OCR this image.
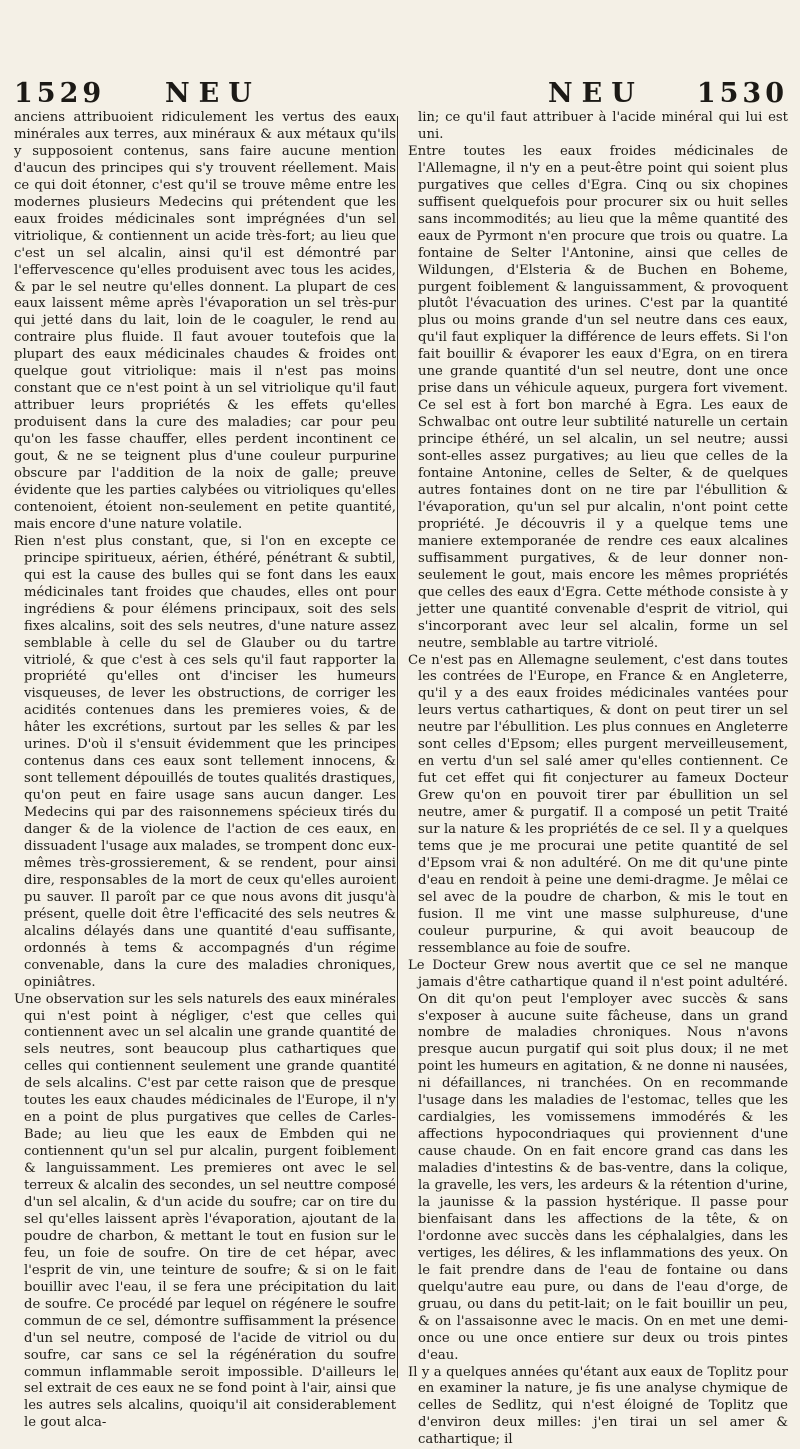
1529 NEU	NEU 1530

anciens attribuoient ridiculement les vertus des eaux minérales aux terres, aux minéraux & aux métaux qu'ils y supposoient contenus, sans faire aucune mention d'aucun des principes qui s'y trouvent réellement. Mais ce qui doit étonner, c'est qu'il se trouve même entre les modernes plusieurs Medecins qui prétendent que les eaux froides médicinales sont imprégnées d'un sel vitriolique, & contiennent un acide très-fort; au lieu que c'est un sel alcalin, ainsi qu'il est démontré par l'effervescence qu'elles produisent avec tous les acides, & par le sel neutre qu'elles donnent. La plupart de ces eaux laissent même après l'évaporation un sel très-pur qui jetté dans du lait, loin de le coaguler, le rend au contraire plus fluide. Il faut avouer toutefois que la plupart des eaux médicinales chaudes & froides ont quelque gout vitriolique: mais il n'est pas moins constant que ce n'est point à un sel vitriolique qu'il faut attribuer leurs propriétés & les effets qu'elles produisent dans la cure des maladies; car pour peu qu'on les fasse chauffer, elles perdent incontinent ce gout, & ne se teignent plus d'une couleur purpurine obscure par l'addition de la noix de galle; preuve évidente que les parties calybées ou vitrioliques qu'elles contenoient, étoient non-seulement en petite quantité, mais encore d'une nature volatile.

Rien n'est plus constant, que, si l'on en excepte ce principe spiritueux, aérien, éthéré, pénétrant & subtil, qui est la cause des bulles qui se font dans les eaux médicinales tant froides que chaudes, elles ont pour ingrédiens & pour élémens principaux, soit des sels fixes alcalins, soit des sels neutres, d'une nature assez semblable à celle du sel de Glauber ou du tartre vitriolé, & que c'est à ces sels qu'il faut rapporter la propriété qu'elles ont d'inciser les humeurs visqueuses, de lever les obstructions, de corriger les acidités contenues dans les premieres voies, & de hâter les excrétions, surtout par les selles & par les urines. D'où il s'ensuit évidemment que les principes contenus dans ces eaux sont tellement innocens, & sont tellement dépouillés de toutes qualités drastiques, qu'on peut en faire usage sans aucun danger. Les Medecins qui par des raisonnemens spécieux tirés du danger & de la violence de l'action de ces eaux, en dissuadent l'usage aux malades, se trompent donc eux-mêmes très-grossierement, & se rendent, pour ainsi dire, responsables de la mort de ceux qu'elles auroient pu sauver. Il paroît par ce que nous avons dit jusqu'à présent, quelle doit être l'efficacité des sels neutres & alcalins délayés dans une quantité d'eau suffisante, ordonnés à tems & accompagnés d'un régime convenable, dans la cure des maladies chroniques, opiniâtres.

Une observation sur les sels naturels des eaux minérales qui n'est point à négliger, c'est que celles qui contiennent avec un sel alcalin une grande quantité de sels neutres, sont beaucoup plus cathartiques que celles qui contiennent seulement une grande quantité de sels alcalins. C'est par cette raison que de presque toutes les eaux chaudes médicinales de l'Europe, il n'y en a point de plus purgatives que celles de Carles-Bade; au lieu que les eaux de Embden qui ne contiennent qu'un sel pur alcalin, purgent foiblement & languissamment. Les premieres ont avec le sel terreux & alcalin des secondes, un sel neuttre composé d'un sel alcalin, & d'un acide du soufre; car on tire du sel qu'elles laissent après l'évaporation, ajoutant de la poudre de charbon, & mettant le tout en fusion sur le feu, un foie de soufre. On tire de cet hépar, avec l'esprit de vin, une teinture de soufre; & si on le fait bouillir avec l'eau, il se fera une précipitation du lait de soufre. Ce procédé par lequel on régénere le soufre commun de ce sel, démontre suffisamment la présence d'un sel neutre, composé de l'acide de vitriol ou du soufre, car sans ce sel la régénération du soufre commun inflammable seroit impossible. D'ailleurs le sel extrait de ces eaux ne se fond point à l'air, ainsi que les autres sels alcalins, quoiqu'il ait considerablement le gout alca-

lin; ce qu'il faut attribuer à l'acide minéral qui lui est uni.

Entre toutes les eaux froides médicinales de l'Allemagne, il n'y en a peut-être point qui soient plus purgatives que celles d'Egra. Cinq ou six chopines suffisent quelquefois pour procurer six ou huit selles sans incommodités; au lieu que la même quantité des eaux de Pyrmont n'en procure que trois ou quatre. La fontaine de Selter l'Antonine, ainsi que celles de Wildungen, d'Elsteria & de Buchen en Boheme, purgent foiblement & languissamment, & provoquent plutôt l'évacuation des urines. C'est par la quantité plus ou moins grande d'un sel neutre dans ces eaux, qu'il faut expliquer la différence de leurs effets. Si l'on fait bouillir & évaporer les eaux d'Egra, on en tirera une grande quantité d'un sel neutre, dont une once prise dans un véhicule aqueux, purgera fort vivement. Ce sel est à fort bon marché à Egra. Les eaux de Schwalbac ont outre leur subtilité naturelle un certain principe éthéré, un sel alcalin, un sel neutre; aussi sont-elles assez purgatives; au lieu que celles de la fontaine Antonine, celles de Selter, & de quelques autres fontaines dont on ne tire par l'ébullition & l'évaporation, qu'un sel pur alcalin, n'ont point cette propriété. Je découvris il y a quelque tems une maniere extemporanée de rendre ces eaux alcalines suffisamment purgatives, & de leur donner non-seulement le gout, mais encore les mêmes propriétés que celles des eaux d'Egra. Cette méthode consiste à y jetter une quantité convenable d'esprit de vitriol, qui s'incorporant avec leur sel alcalin, forme un sel neutre, semblable au tartre vitriolé.

Ce n'est pas en Allemagne seulement, c'est dans toutes les contrées de l'Europe, en France & en Angleterre, qu'il y a des eaux froides médicinales vantées pour leurs vertus cathartiques, & dont on peut tirer un sel neutre par l'ébullition. Les plus connues en Angleterre sont celles d'Epsom; elles purgent merveilleusement, en vertu d'un sel salé amer qu'elles contiennent. Ce fut cet effet qui fit conjecturer au fameux Docteur Grew qu'on en pouvoit tirer par ébullition un sel neutre, amer & purgatif. Il a composé un petit Traité sur la nature & les propriétés de ce sel. Il y a quelques tems que je me procurai une petite quantité de sel d'Epsom vrai & non adultéré. On me dit qu'une pinte d'eau en rendoit à peine une demi-dragme. Je mêlai ce sel avec de la poudre de charbon, & mis le tout en fusion. Il me vint une masse sulphureuse, d'une couleur purpurine, & qui avoit beaucoup de ressemblance au foie de soufre.

Le Docteur Grew nous avertit que ce sel ne manque jamais d'être cathartique quand il n'est point adultéré. On dit qu'on peut l'employer avec succès & sans s'exposer à aucune suite fâcheuse, dans un grand nombre de maladies chroniques. Nous n'avons presque aucun purgatif qui soit plus doux; il ne met point les humeurs en agitation, & ne donne ni nausées, ni défaillances, ni tranchées. On en recommande l'usage dans les maladies de l'estomac, telles que les cardialgies, les vomissemens immodérés & les affections hypocondriaques qui proviennent d'une cause chaude. On en fait encore grand cas dans les maladies d'intestins & de bas-ventre, dans la colique, la gravelle, les vers, les ardeurs & la rétention d'urine, la jaunisse & la passion hystérique. Il passe pour bienfaisant dans les affections de la tête, & on l'ordonne avec succès dans les céphalalgies, dans les vertiges, les délires, & les inflammations des yeux. On le fait prendre dans de l'eau de fontaine ou dans quelqu'autre eau pure, ou dans de l'eau d'orge, de gruau, ou dans du petit-lait; on le fait bouillir un peu, & on l'assaisonne avec le macis. On en met une demi-once ou une once entiere sur deux ou trois pintes d'eau.

Il y a quelques années qu'étant aux eaux de Toplitz pour en examiner la nature, je fis une analyse chymique de celles de Sedlitz, qui n'est éloigné de Toplitz que d'environ deux milles: j'en tirai un sel amer & cathartique; il
